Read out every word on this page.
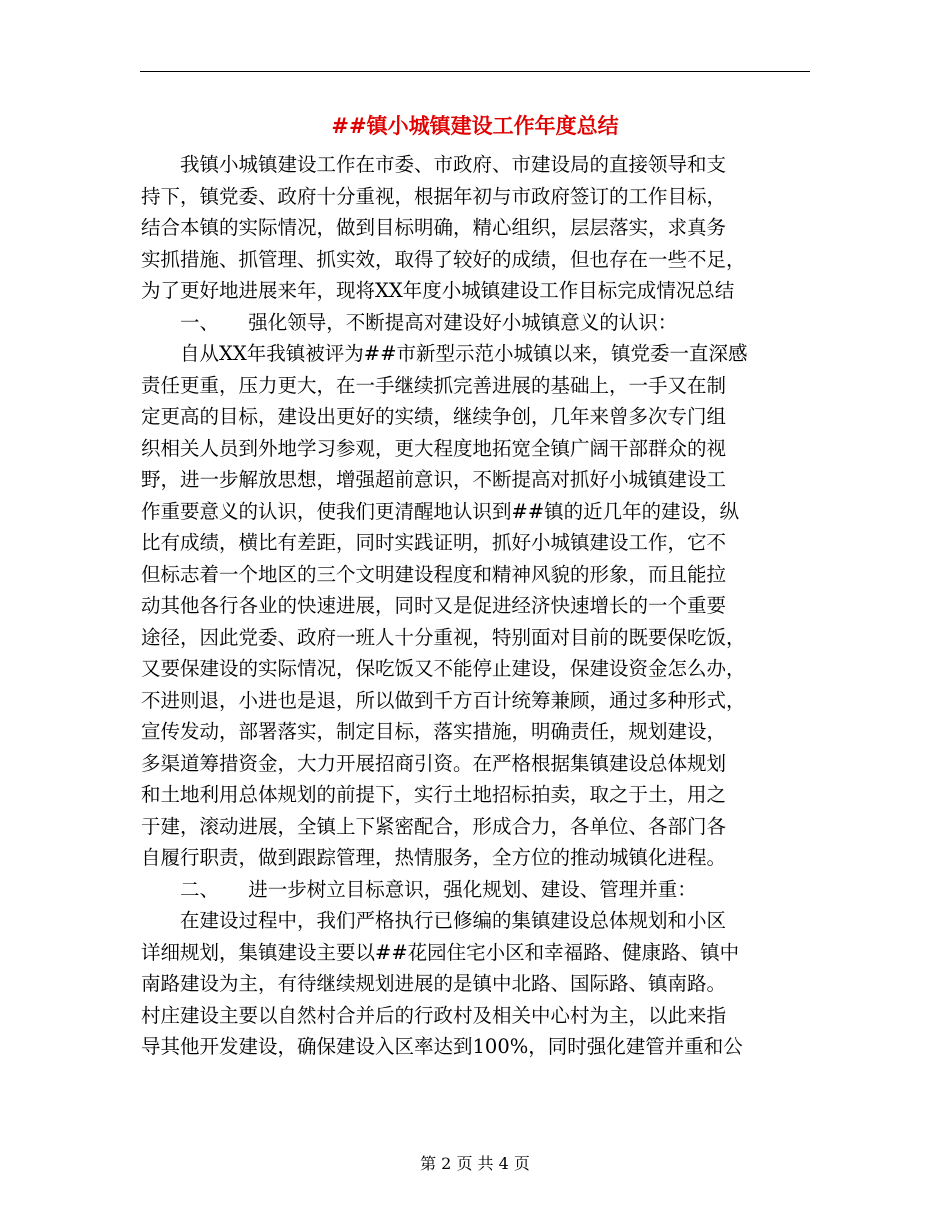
##镇小城镇建设工作年度总结
　　我镇小城镇建设工作在市委、市政府、市建设局的直接领导和支
持下，镇党委、政府十分重视，根据年初与市政府签订的工作目标，
结合本镇的实际情况，做到目标明确，精心组织，层层落实，求真务
实抓措施、抓管理、抓实效，取得了较好的成绩，但也存在一些不足，
为了更好地进展来年，现将XX年度小城镇建设工作目标完成情况总结
　　一、　　强化领导，不断提高对建设好小城镇意义的认识：
　　自从XX年我镇被评为##市新型示范小城镇以来，镇党委一直深感
责任更重，压力更大，在一手继续抓完善进展的基础上，一手又在制
定更高的目标，建设出更好的实绩，继续争创，几年来曾多次专门组
织相关人员到外地学习参观，更大程度地拓宽全镇广阔干部群众的视
野，进一步解放思想，增强超前意识，不断提高对抓好小城镇建设工
作重要意义的认识，使我们更清醒地认识到##镇的近几年的建设，纵
比有成绩，横比有差距，同时实践证明，抓好小城镇建设工作，它不
但标志着一个地区的三个文明建设程度和精神风貌的形象，而且能拉
动其他各行各业的快速进展，同时又是促进经济快速增长的一个重要
途径，因此党委、政府一班人十分重视，特别面对目前的既要保吃饭，
又要保建设的实际情况，保吃饭又不能停止建设，保建设资金怎么办，
不进则退，小进也是退，所以做到千方百计统筹兼顾，通过多种形式，
宣传发动，部署落实，制定目标，落实措施，明确责任，规划建设，
多渠道筹措资金，大力开展招商引资。在严格根据集镇建设总体规划
和土地利用总体规划的前提下，实行土地招标拍卖，取之于土，用之
于建，滚动进展，全镇上下紧密配合，形成合力，各单位、各部门各
自履行职责，做到跟踪管理，热情服务，全方位的推动城镇化进程。
　　二、　　进一步树立目标意识，强化规划、建设、管理并重：
　　在建设过程中，我们严格执行已修编的集镇建设总体规划和小区
详细规划，集镇建设主要以##花园住宅小区和幸福路、健康路、镇中
南路建设为主，有待继续规划进展的是镇中北路、国际路、镇南路。
村庄建设主要以自然村合并后的行政村及相关中心村为主，以此来指
导其他开发建设，确保建设入区率达到100%，同时强化建管并重和公
第 2 页 共 4 页
